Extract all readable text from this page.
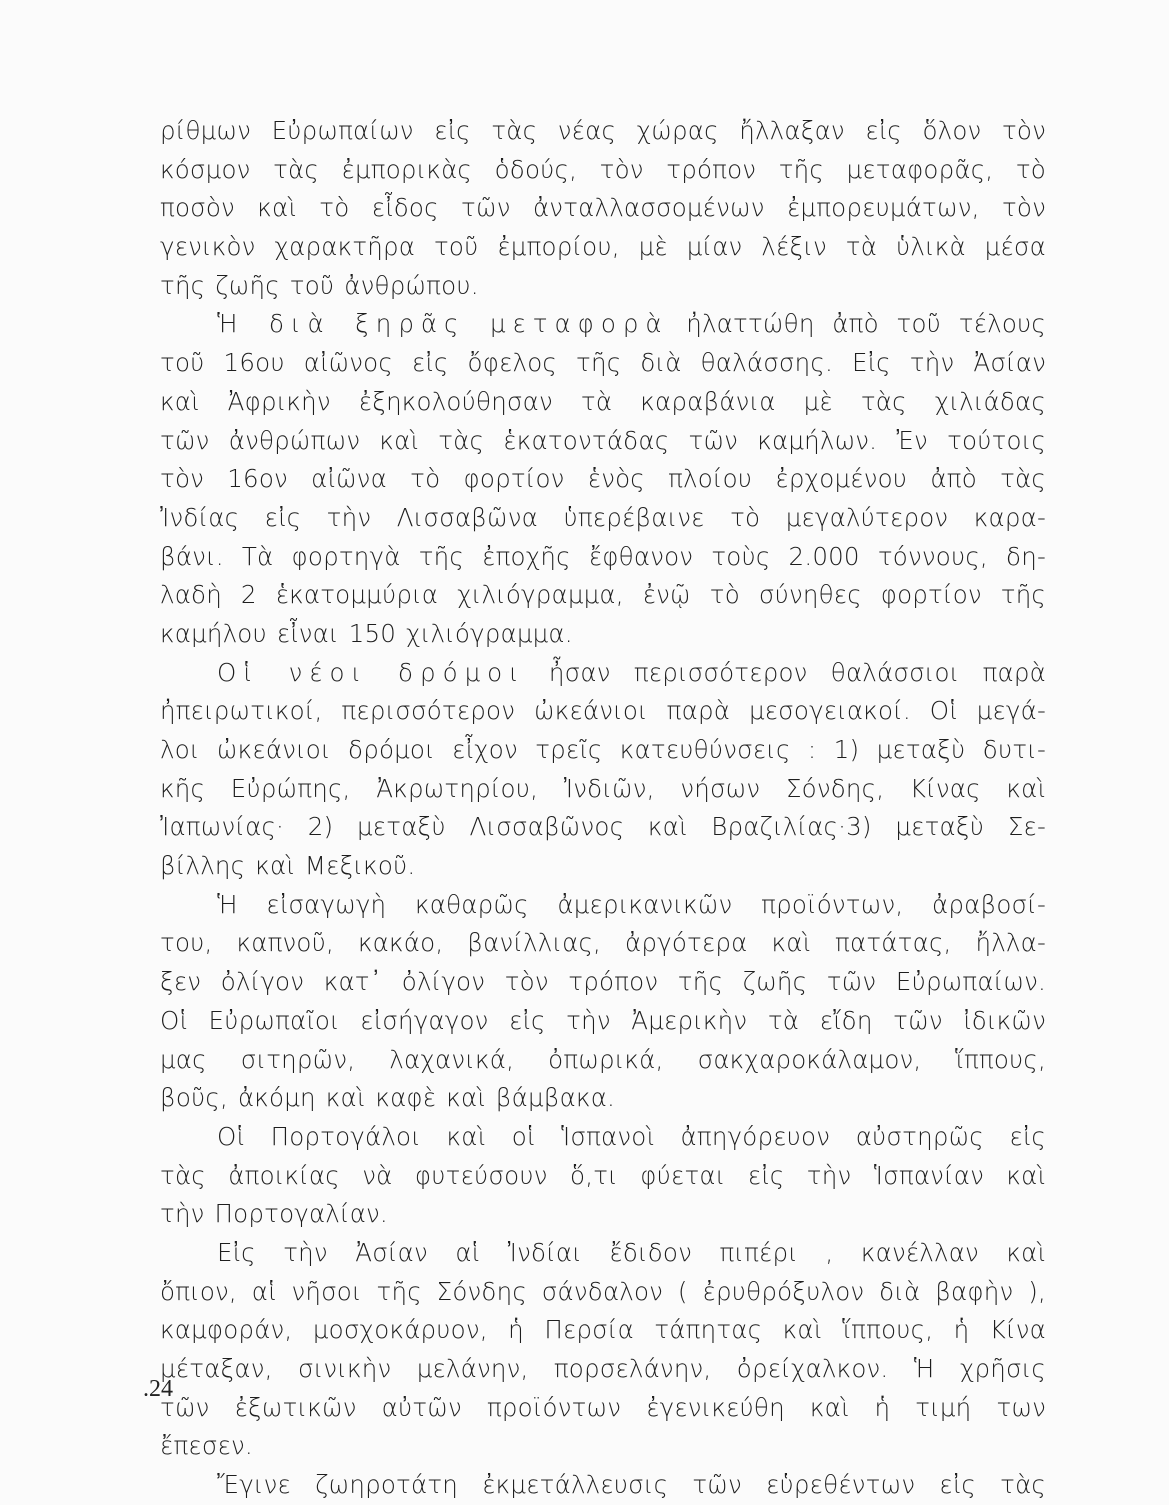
ρίθμων Εὐρωπαίων εἰς τὰς νέας χώρας ἤλλαξαν εἰς ὅλον τὸν
κόσμον τὰς ἐμπορικὰς ὁδούς, τὸν τρόπον τῆς μεταφορᾶς, τὸ
ποσὸν καὶ τὸ εἶδος τῶν ἀνταλλασσομένων ἐμπορευμάτων, τὸν
γενικὸν χαρακτῆρα τοῦ ἐμπορίου, μὲ μίαν λέξιν τὰ ὑλικὰ μέσα
τῆς ζωῆς τοῦ ἀνθρώπου.
Ἡ διὰ ξηρᾶς μεταφορὰ ἠλαττώθη ἀπὸ τοῦ τέλους
τοῦ 16ου αἰῶνος εἰς ὄφελος τῆς διὰ θαλάσσης. Εἰς τὴν Ἀσίαν
καὶ Ἀφρικὴν ἐξηκολούθησαν τὰ καραβάνια μὲ τὰς χιλιάδας
τῶν ἀνθρώπων καὶ τὰς ἑκατοντάδας τῶν καμήλων. Ἐν τούτοις
τὸν 16ον αἰῶνα τὸ φορτίον ἑνὸς πλοίου ἐρχομένου ἀπὸ τὰς
Ἰνδίας εἰς τὴν Λισσαβῶνα ὑπερέβαινε τὸ μεγαλύτερον καρα-
βάνι. Τὰ φορτηγὰ τῆς ἐποχῆς ἔφθανον τοὺς 2.000 τόννους, δη-
λαδὴ 2 ἑκατομμύρια χιλιόγραμμα, ἐνῷ τὸ σύνηθες φορτίον τῆς
καμήλου εἶναι 150 χιλιόγραμμα.
Οἱ νέοι δρόμοι ἦσαν περισσότερον θαλάσσιοι παρὰ
ἠπειρωτικοί, περισσότερον ὠκεάνιοι παρὰ μεσογειακοί. Οἱ μεγά-
λοι ὠκεάνιοι δρόμοι εἶχον τρεῖς κατευθύνσεις : 1) μεταξὺ δυτι-
κῆς Εὐρώπης, Ἀκρωτηρίου, Ἰνδιῶν, νήσων Σόνδης, Κίνας καὶ
Ἰαπωνίας· 2) μεταξὺ Λισσαβῶνος καὶ Βραζιλίας·3) μεταξὺ Σε-
βίλλης καὶ Μεξικοῦ.
Ἡ εἰσαγωγὴ καθαρῶς ἀμερικανικῶν προϊόντων, ἀραβοσί-
του, καπνοῦ, κακάο, βανίλλιας, ἀργότερα καὶ πατάτας, ἤλλα-
ξεν ὀλίγον κατ᾽ ὀλίγον τὸν τρόπον τῆς ζωῆς τῶν Εὐρωπαίων.
Οἱ Εὐρωπαῖοι εἰσήγαγον εἰς τὴν Ἀμερικὴν τὰ εἴδη τῶν ἰδικῶν
μας σιτηρῶν, λαχανικά, ὀπωρικά, σακχαροκάλαμον, ἵππους,
βοῦς, ἀκόμη καὶ καφὲ καὶ βάμβακα.
Οἱ Πορτογάλοι καὶ οἱ Ἱσπανοὶ ἀπηγόρευον αὐστηρῶς εἰς
τὰς ἀποικίας νὰ φυτεύσουν ὅ,τι φύεται εἰς τὴν Ἱσπανίαν καὶ
τὴν Πορτογαλίαν.
Εἰς τὴν Ἀσίαν αἱ Ἰνδίαι ἔδιδον πιπέρι , κανέλλαν καὶ
ὄπιον, αἱ νῆσοι τῆς Σόνδης σάνδαλον ( ἐρυθρόξυλον διὰ βαφὴν ),
καμφοράν, μοσχοκάρυον, ἡ Περσία τάπητας καὶ ἵππους, ἡ Κίνα
μέταξαν, σινικὴν μελάνην, πορσελάνην, ὀρείχαλκον. Ἡ χρῆσις
τῶν ἐξωτικῶν αὐτῶν προϊόντων ἐγενικεύθη καὶ ἡ τιμή των
ἔπεσεν.
Ἔγινε ζωηροτάτη ἐκμετάλλευσις τῶν εὑρεθέντων εἰς τὰς
.24
